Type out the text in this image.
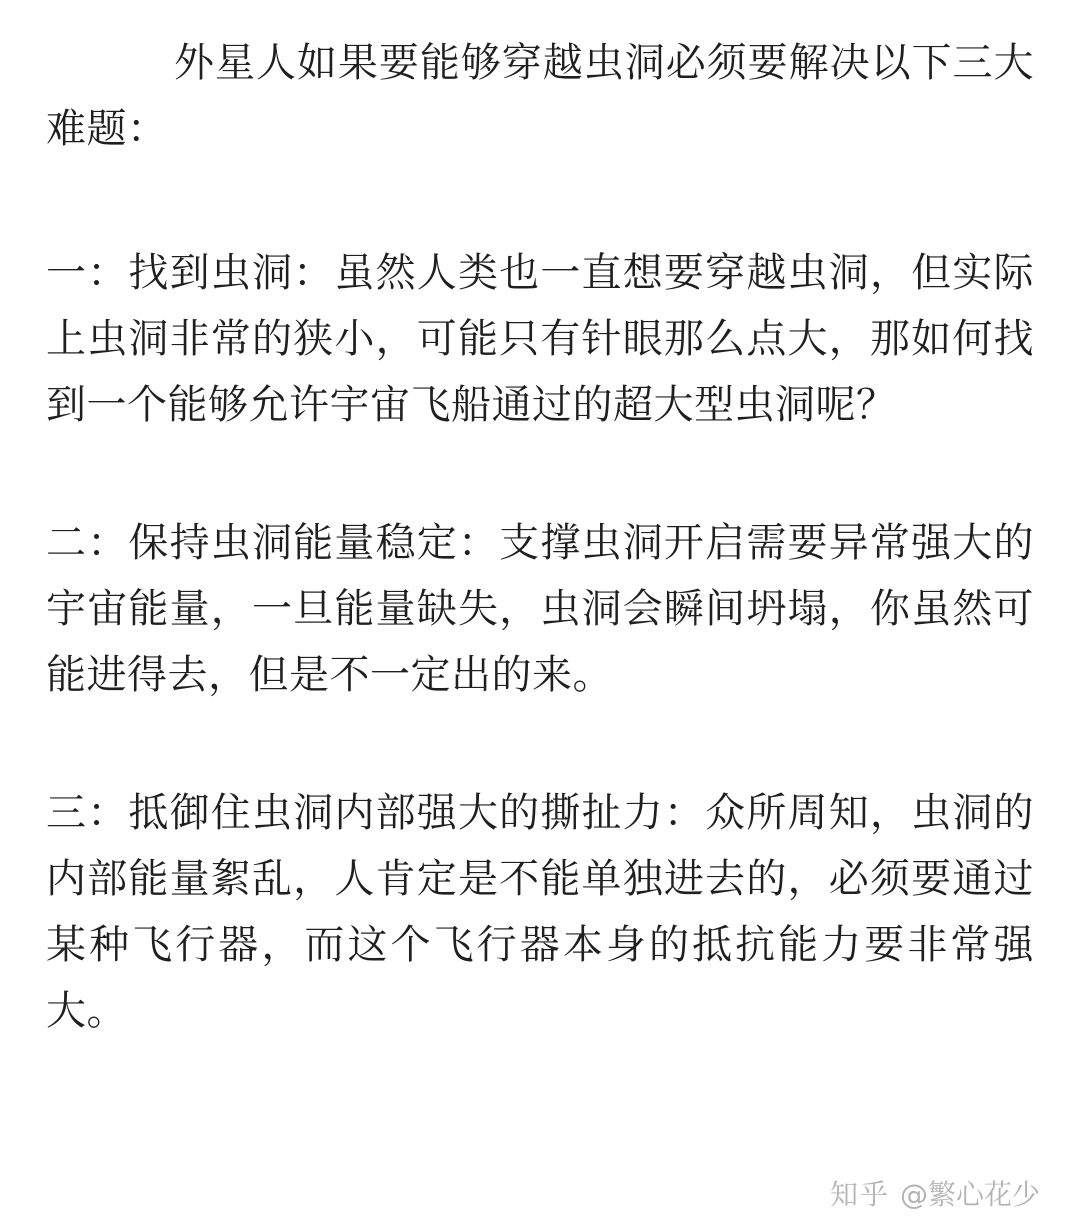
外星人如果要能够穿越虫洞必须要解决以下三大难题：

一：找到虫洞：虽然人类也一直想要穿越虫洞，但实际上虫洞非常的狭小，可能只有针眼那么点大，那如何找到一个能够允许宇宙飞船通过的超大型虫洞呢？

二：保持虫洞能量稳定：支撑虫洞开启需要异常强大的宇宙能量，一旦能量缺失，虫洞会瞬间坍塌，你虽然可能进得去，但是不一定出的来。

三：抵御住虫洞内部强大的撕扯力：众所周知，虫洞的内部能量絮乱，人肯定是不能单独进去的，必须要通过某种飞行器，而这个飞行器本身的抵抗能力要非常强大。

知乎 @繁心花少
